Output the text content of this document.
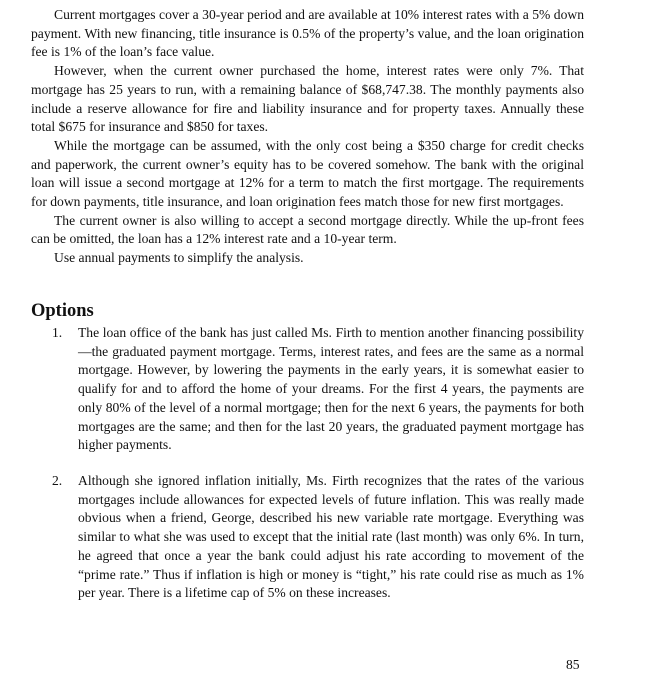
Current mortgages cover a 30-year period and are available at 10% interest rates with a 5% down payment. With new financing, title insurance is 0.5% of the property’s value, and the loan origination fee is 1% of the loan’s face value.

However, when the current owner purchased the home, interest rates were only 7%. That mortgage has 25 years to run, with a remaining balance of $68,747.38. The monthly payments also include a reserve allowance for fire and liability insurance and for property taxes. Annually these total $675 for insurance and $850 for taxes.

While the mortgage can be assumed, with the only cost being a $350 charge for credit checks and paperwork, the current owner’s equity has to be covered somehow. The bank with the original loan will issue a second mortgage at 12% for a term to match the first mortgage. The requirements for down payments, title insurance, and loan origination fees match those for new first mortgages.

The current owner is also willing to accept a second mortgage directly. While the up-front fees can be omitted, the loan has a 12% interest rate and a 10-year term.

Use annual payments to simplify the analysis.

Options
1.	The loan office of the bank has just called Ms. Firth to mention another financing possibility—the graduated payment mortgage. Terms, interest rates, and fees are the same as a normal mortgage. However, by lowering the payments in the early years, it is somewhat easier to qualify for and to afford the home of your dreams. For the first 4 years, the payments are only 80% of the level of a normal mortgage; then for the next 6 years, the payments for both mortgages are the same; and then for the last 20 years, the graduated payment mortgage has higher payments.
2.	Although she ignored inflation initially, Ms. Firth recognizes that the rates of the various mortgages include allowances for expected levels of future inflation. This was really made obvious when a friend, George, described his new variable rate mortgage. Everything was similar to what she was used to except that the initial rate (last month) was only 6%. In turn, he agreed that once a year the bank could adjust his rate according to movement of the “prime rate.” Thus if inflation is high or money is “tight,” his rate could rise as much as 1% per year. There is a lifetime cap of 5% on these increases.
85
